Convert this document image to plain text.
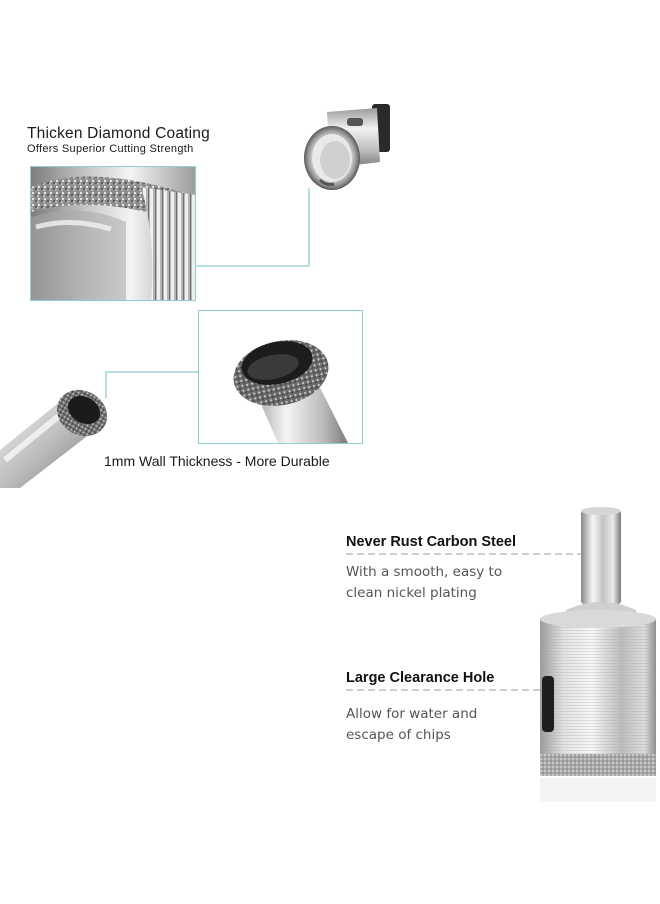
Thicken Diamond Coating
Offers Superior Cutting Strength
1mm Wall Thickness - More Durable
Never Rust Carbon Steel
With a smooth, easy to
clean nickel plating
Large Clearance Hole
Allow for water and
escape of chips
